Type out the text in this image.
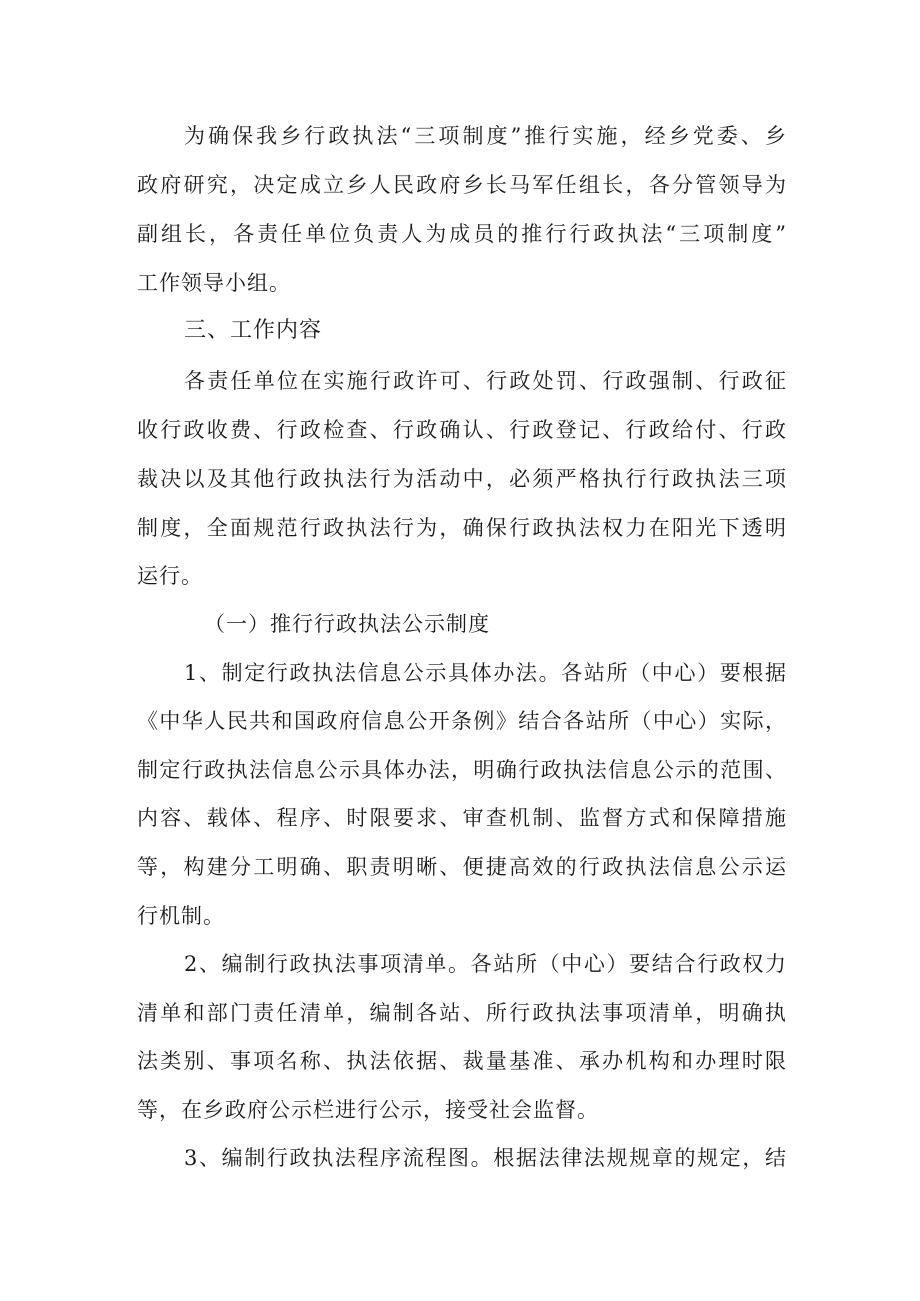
为确保我乡行政执法“三项制度”推行实施，经乡党委、乡
政府研究，决定成立乡人民政府乡长马军任组长，各分管领导为
副组长，各责任单位负责人为成员的推行行政执法“三项制度”
工作领导小组。
三、工作内容
各责任单位在实施行政许可、行政处罚、行政强制、行政征
收行政收费、行政检查、行政确认、行政登记、行政给付、行政
裁决以及其他行政执法行为活动中，必须严格执行行政执法三项
制度，全面规范行政执法行为，确保行政执法权力在阳光下透明
运行。
（一）推行行政执法公示制度
1、制定行政执法信息公示具体办法。各站所（中心）要根据
《中华人民共和国政府信息公开条例》结合各站所（中心）实际，
制定行政执法信息公示具体办法，明确行政执法信息公示的范围、
内容、载体、程序、时限要求、审查机制、监督方式和保障措施
等，构建分工明确、职责明晰、便捷高效的行政执法信息公示运
行机制。
2、编制行政执法事项清单。各站所（中心）要结合行政权力
清单和部门责任清单，编制各站、所行政执法事项清单，明确执
法类别、事项名称、执法依据、裁量基准、承办机构和办理时限
等，在乡政府公示栏进行公示，接受社会监督。
3、编制行政执法程序流程图。根据法律法规规章的规定，结
